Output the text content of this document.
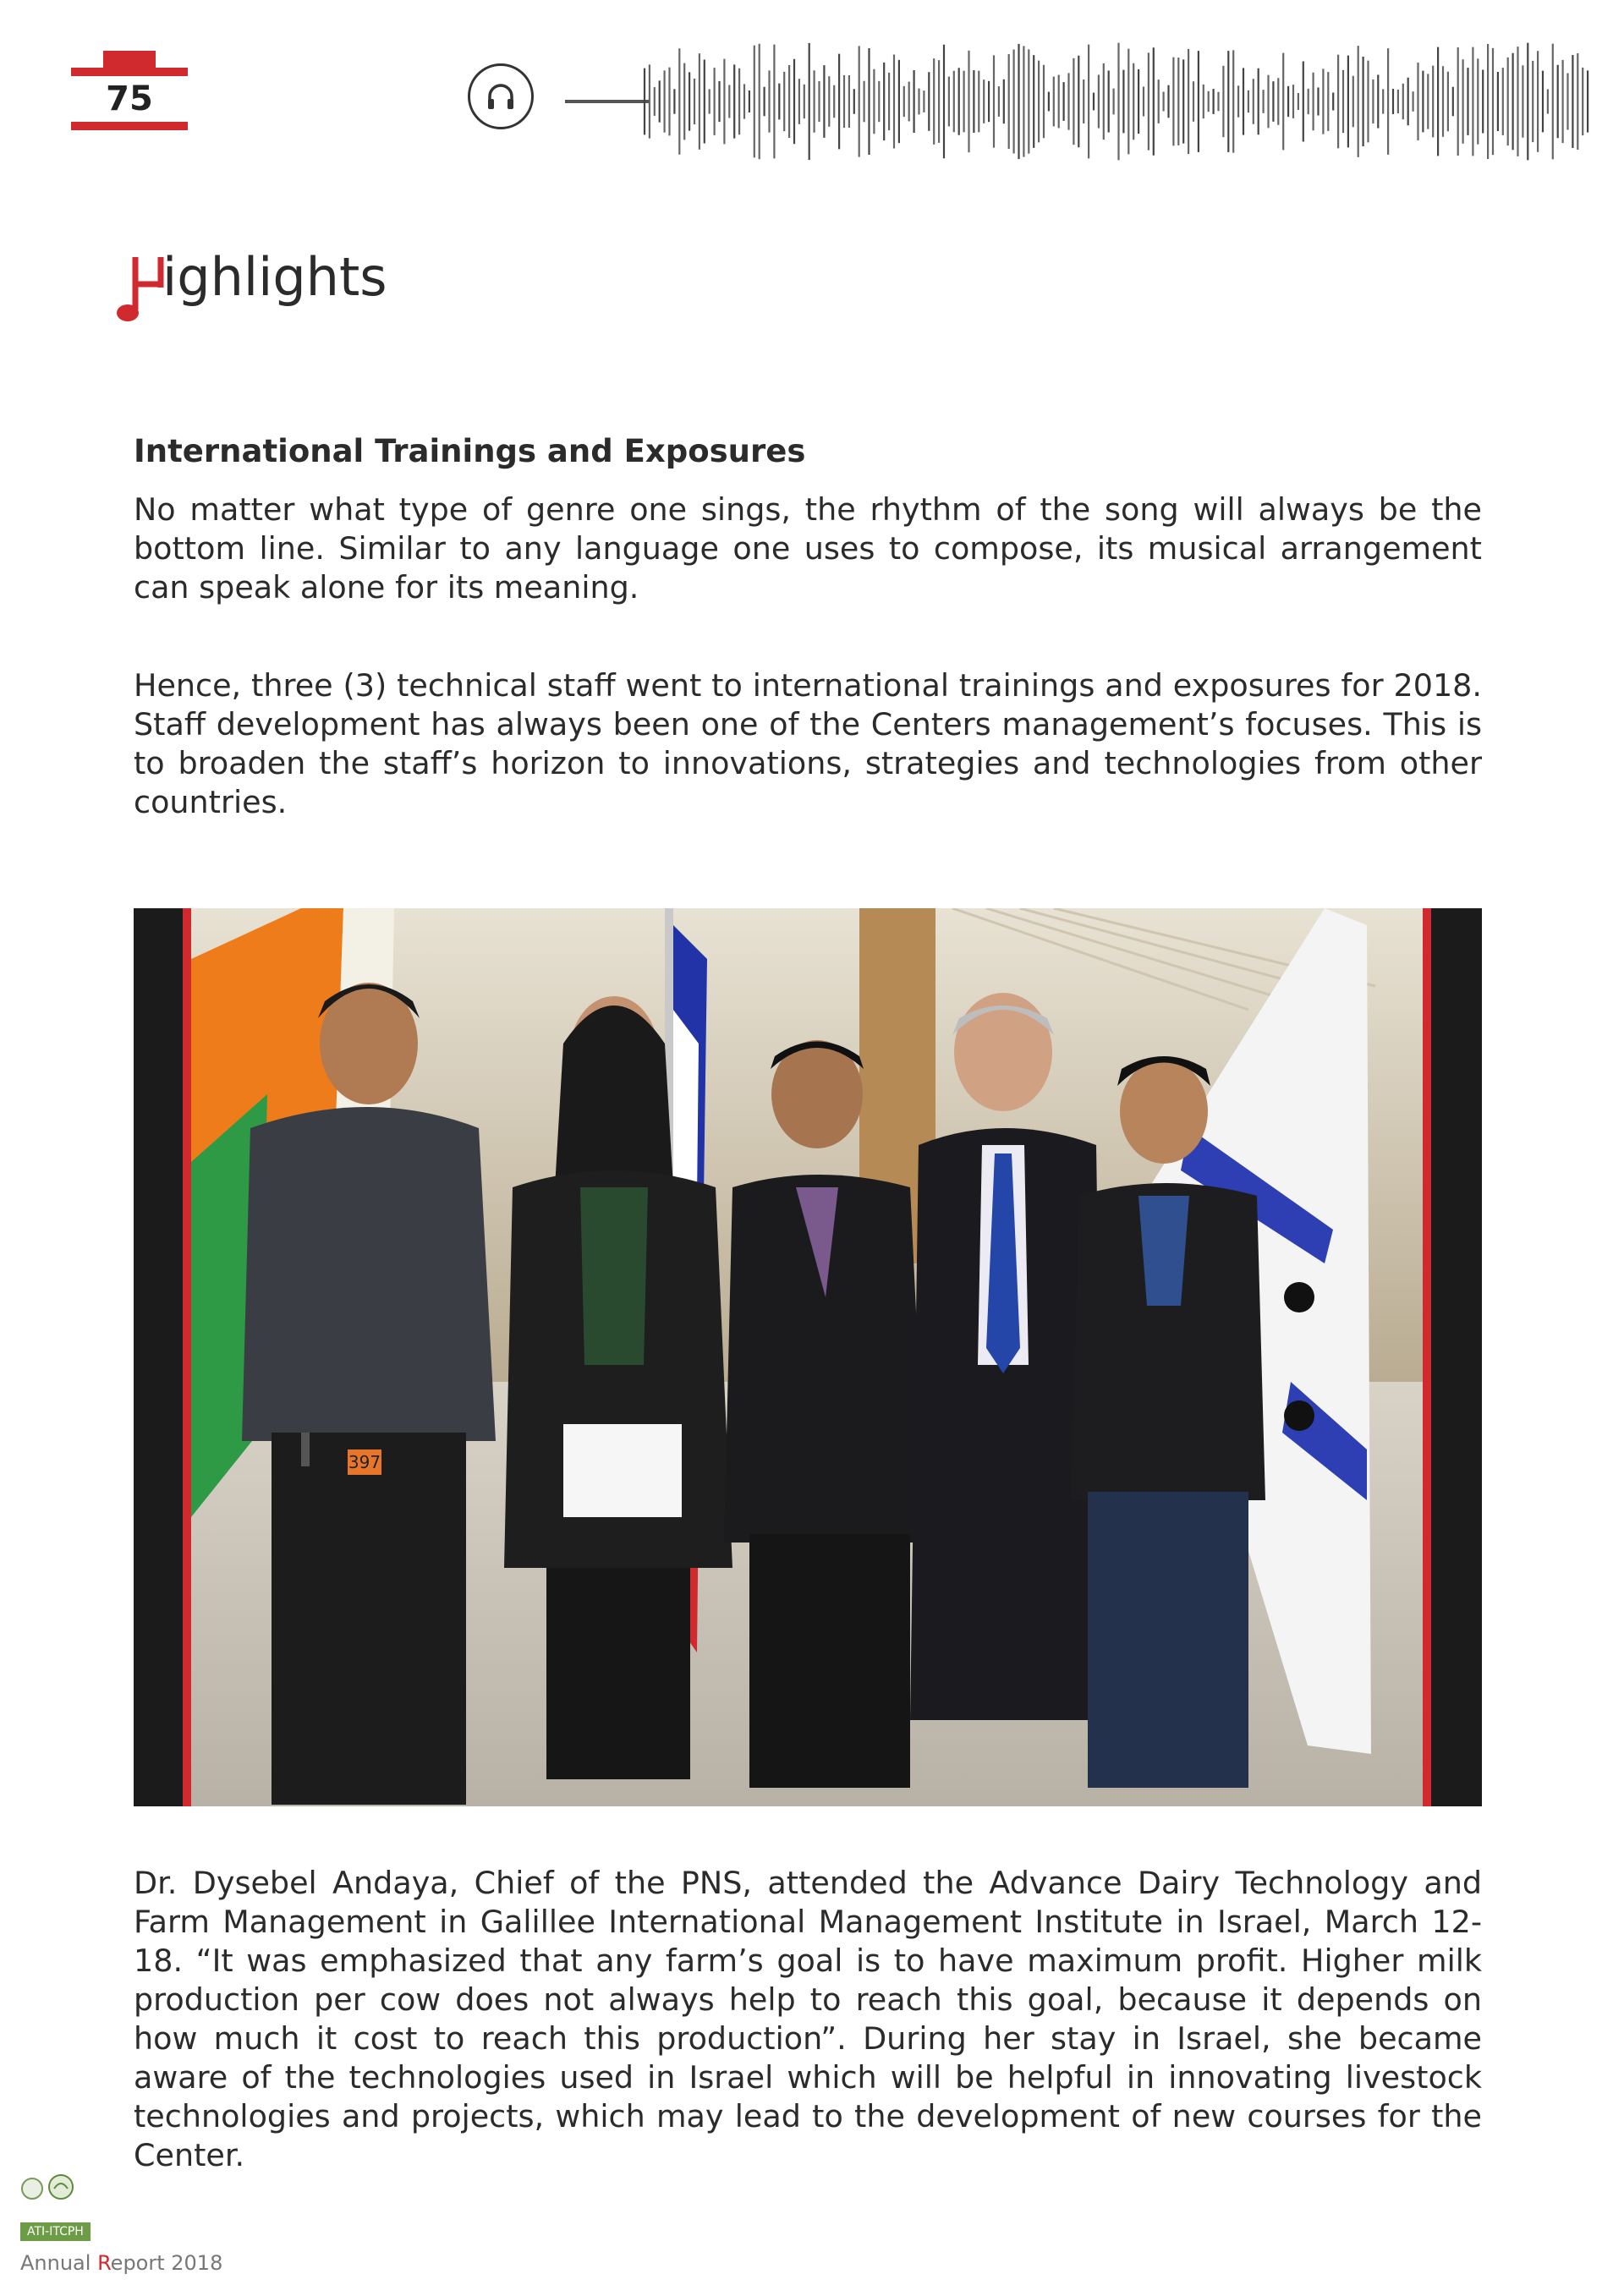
75
ighlights
International Trainings and Exposures

No matter what type of genre one sings, the rhythm of the song will always be the bottom line. Similar to any language one uses to compose, its musical arrangement can speak alone for its meaning.

Hence, three (3) technical staff went to international trainings and exposures for 2018. Staff development has always been one of the Centers management’s focuses. This is to broaden the staff’s horizon to innovations, strategies and technologies from other countries.

397

Dr. Dysebel Andaya, Chief of the PNS, attended the Advance Dairy Technology and Farm Management in Galillee International Management Institute in Israel, March 12-18. “It was emphasized that any farm’s goal is to have maximum profit. Higher milk production per cow does not always help to reach this goal, because it depends on how much it cost to reach this production”. During her stay in Israel, she became aware of the technologies used in Israel which will be helpful in innovating livestock technologies and projects, which may lead to the development of new courses for the Center.

ATI-ITCPH
Annual Report 2018
